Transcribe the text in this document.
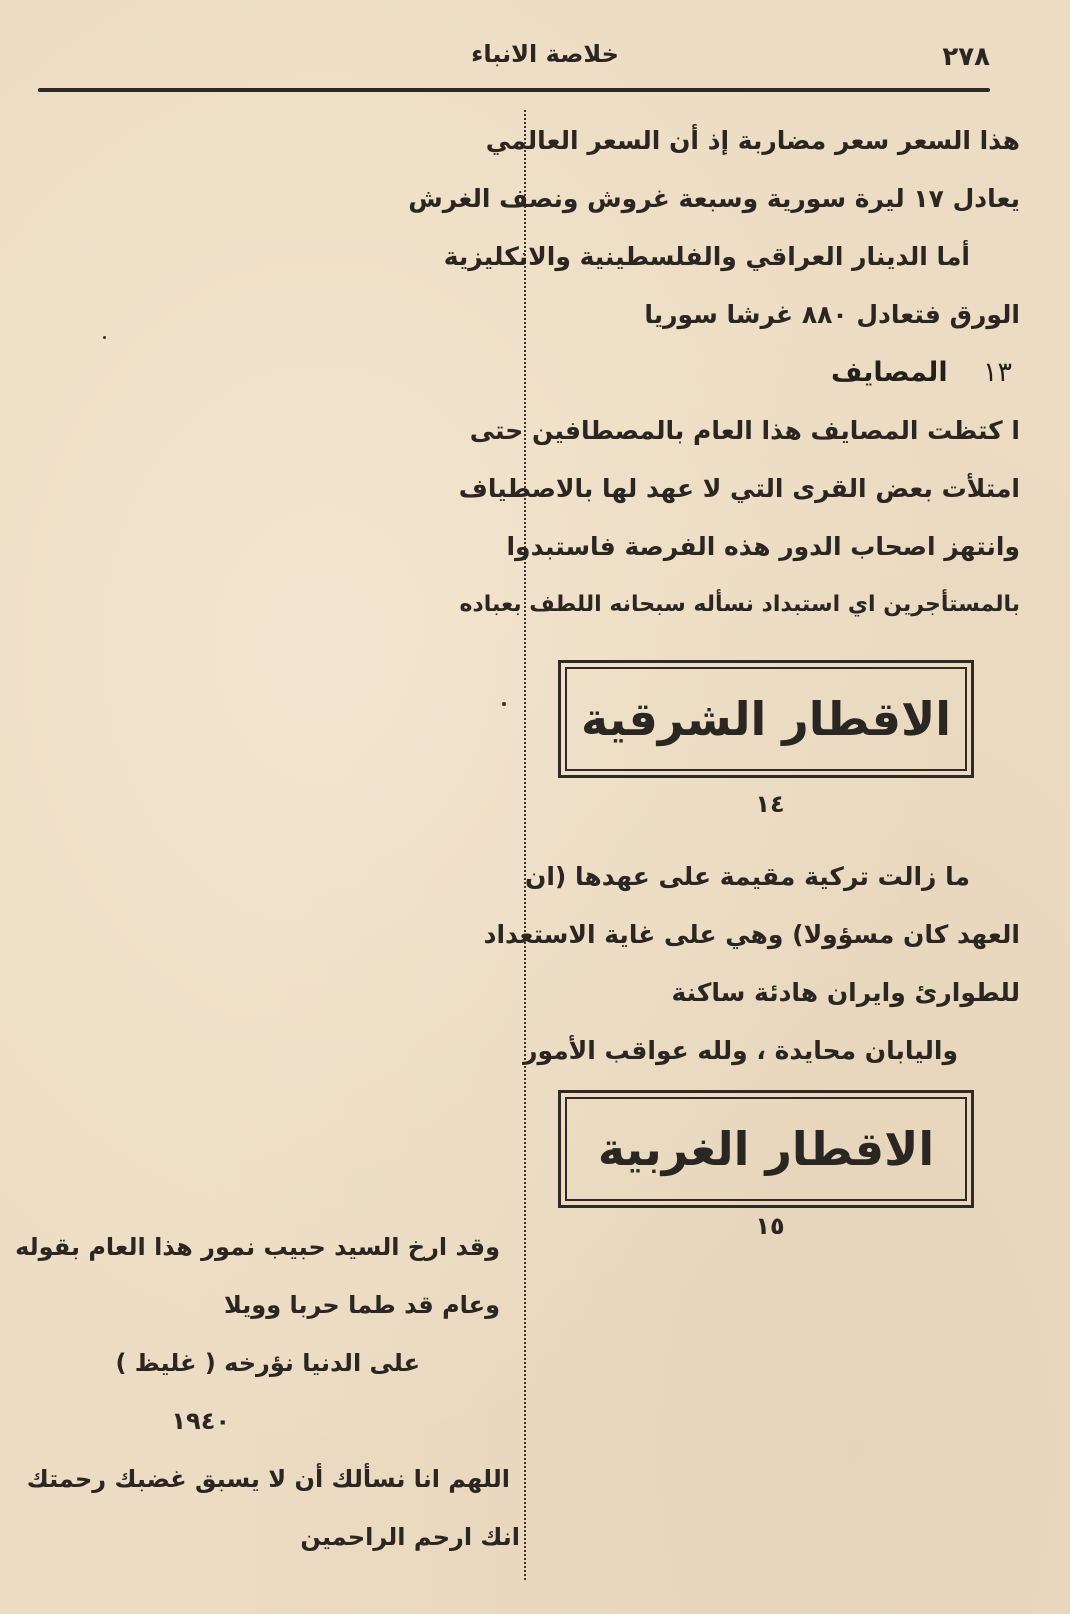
٢٧٨
خلاصة الانباء
هذا السعر سعر مضاربة إذ أن السعر العالمي
يعادل ١٧ ليرة سورية وسبعة غروش ونصف الغرش
أما الدينار العراقي والفلسطينية والانكليزية
الورق فتعادل ٨٨٠ غرشا سوريا
١٣ المصايف
ا كتظت المصايف هذا العام بالمصطافين حتى
امتلأت بعض القرى التي لا عهد لها بالاصطياف
وانتهز اصحاب الدور هذه الفرصة فاستبدوا
بالمستأجرين اي استبداد نسأله سبحانه اللطف بعباده
الاقطار الشرقية
١٤
ما زالت تركية مقيمة على عهدها (ان
العهد كان مسؤولا) وهي على غاية الاستعداد
للطوارئ وايران هادئة ساكنة
واليابان محايدة ، ولله عواقب الأمور
الاقطار الغربية
١٥
وقد ارخ السيد حبيب نمور هذا العام بقوله
وعام قد طما حربا وويلا
على الدنيا نؤرخه ( غليظ )
١٩٤٠
اللهم انا نسألك أن لا يسبق غضبك رحمتك
انك ارحم الراحمين
